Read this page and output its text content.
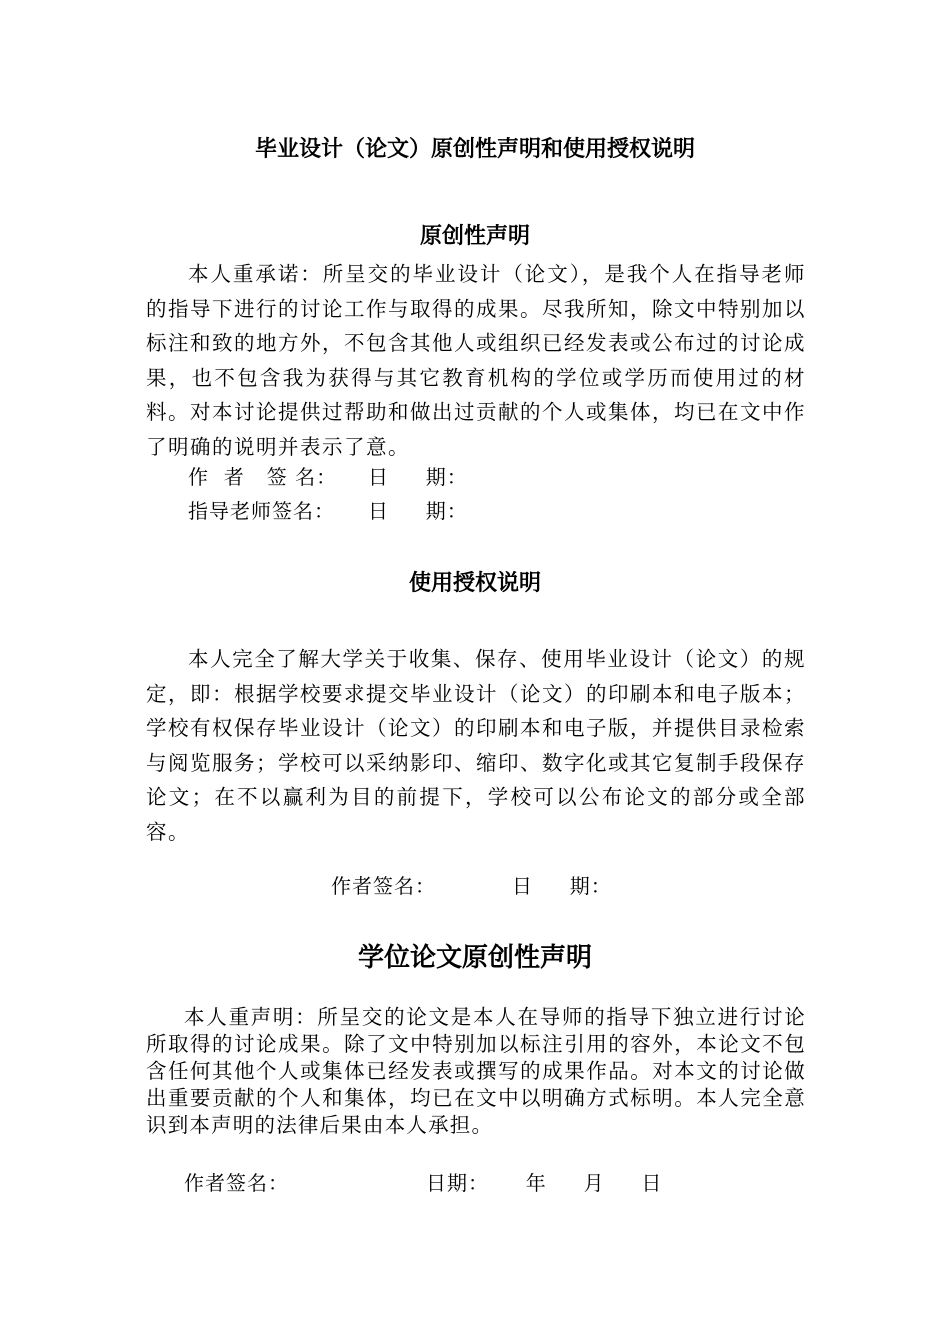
毕业设计（论文）原创性声明和使用授权说明
原创性声明

本人重承诺：所呈交的毕业设计（论文），是我个人在指导老师的指导下进行的讨论工作与取得的成果。尽我所知，除文中特别加以标注和致的地方外，不包含其他人或组织已经发表或公布过的讨论成果，也不包含我为获得与其它教育机构的学位或学历而使用过的材料。对本讨论提供过帮助和做出过贡献的个人或集体，均已在文中作了明确的说明并表示了意。

作  者   签 名： 日     期：
指导老师签名： 日     期：
使用授权说明

本人完全了解大学关于收集、保存、使用毕业设计（论文）的规定，即：根据学校要求提交毕业设计（论文）的印刷本和电子版本；学校有权保存毕业设计（论文）的印刷本和电子版，并提供目录检索与阅览服务；学校可以采纳影印、缩印、数字化或其它复制手段保存论文；在不以赢利为目的前提下，学校可以公布论文的部分或全部容。

作者签名：	日     期：
学位论文原创性声明

本人重声明：所呈交的论文是本人在导师的指导下独立进行讨论所取得的讨论成果。除了文中特别加以标注引用的容外，本论文不包含任何其他个人或集体已经发表或撰写的成果作品。对本文的讨论做出重要贡献的个人和集体，均已在文中以明确方式标明。本人完全意识到本声明的法律后果由本人承担。

作者签名：	日期：     年     月     日
